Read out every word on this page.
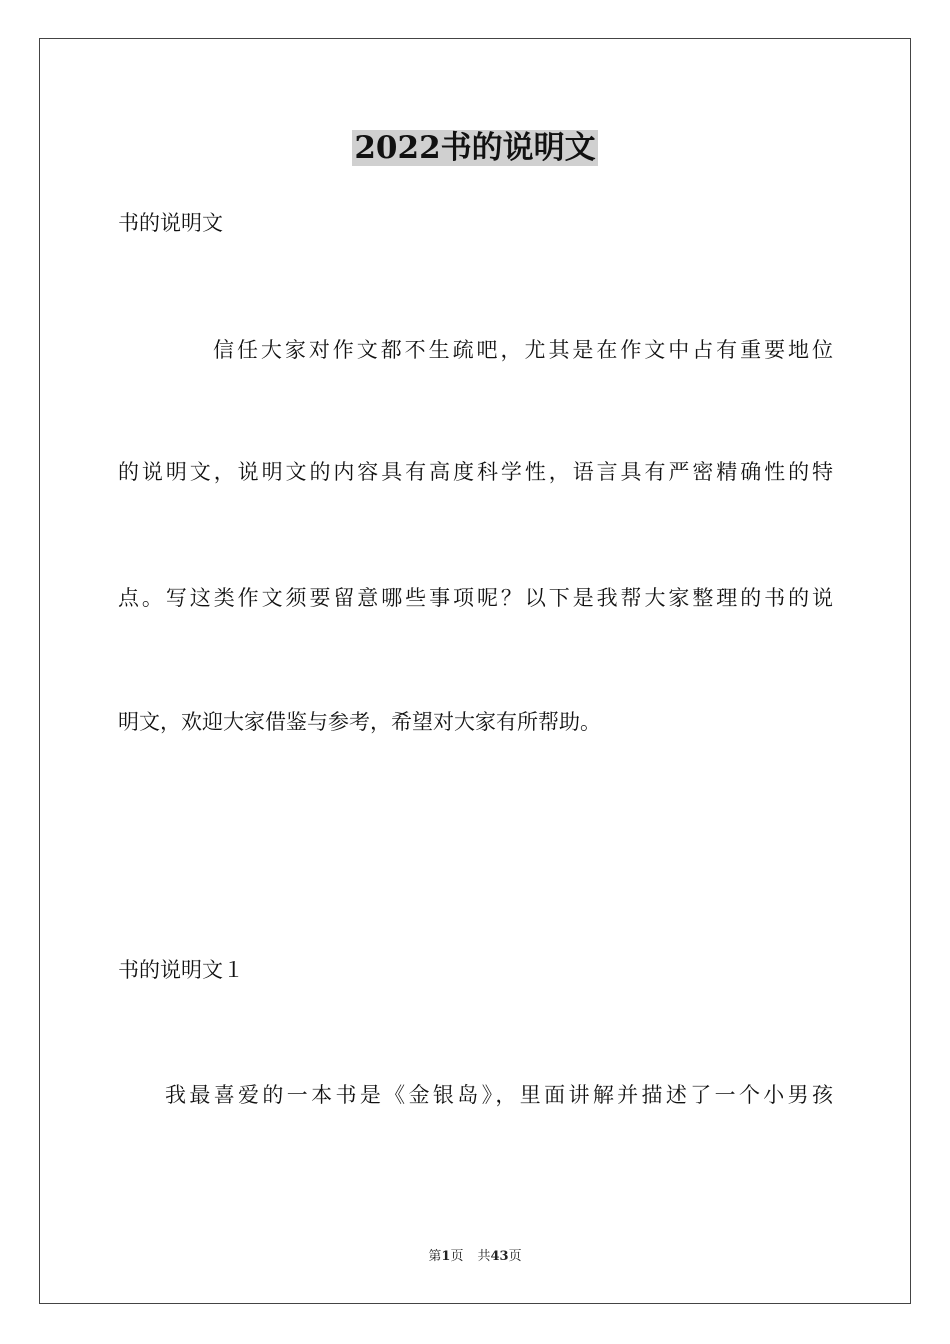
2022书的说明文
书的说明文
信任大家对作文都不生疏吧，尤其是在作文中占有重要地位
的说明文，说明文的内容具有高度科学性，语言具有严密精确性的特
点。写这类作文须要留意哪些事项呢？以下是我帮大家整理的书的说
明文，欢迎大家借鉴与参考，希望对大家有所帮助。
书的说明文１
我最喜爱的一本书是《金银岛》，里面讲解并描述了一个小男孩
第1页 共43页
